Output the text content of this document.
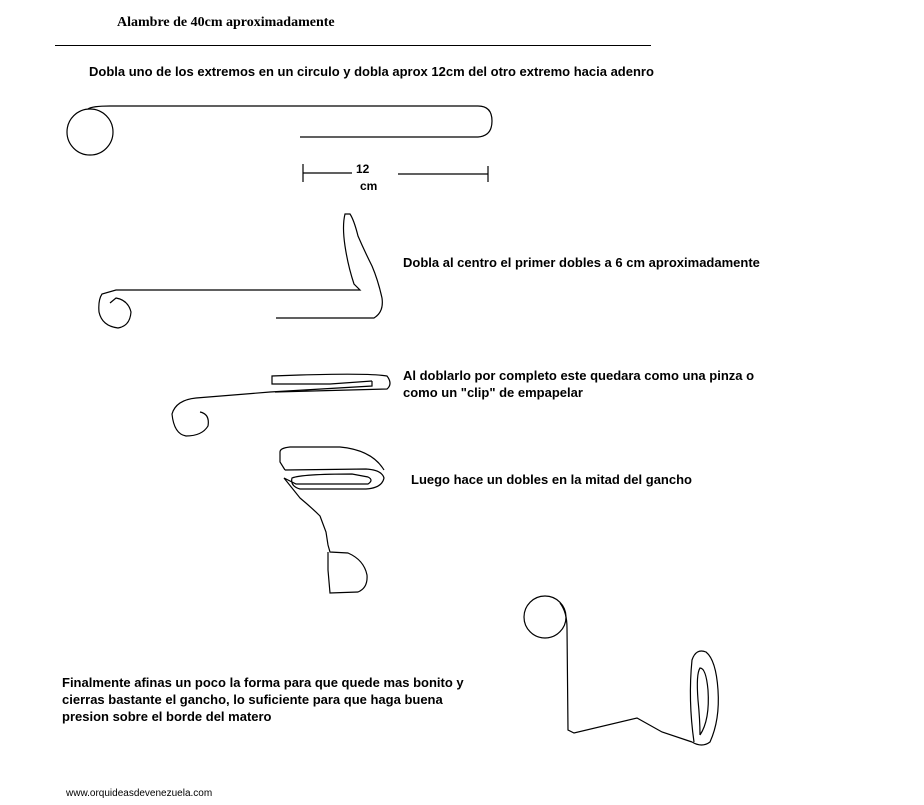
Alambre de 40cm aproximadamente
Dobla uno de los extremos en un circulo y dobla aprox 12cm del otro extremo hacia adenro
Dobla al centro el primer dobles a 6 cm aproximadamente
Al doblarlo por completo este quedara como una pinza o
como un "clip" de empapelar
Luego hace un dobles en la mitad del gancho
Finalmente afinas un poco la forma para que quede mas bonito y
cierras bastante el gancho, lo suficiente para que haga buena
presion sobre el borde del matero
12
cm
www.orquideasdevenezuela.com
